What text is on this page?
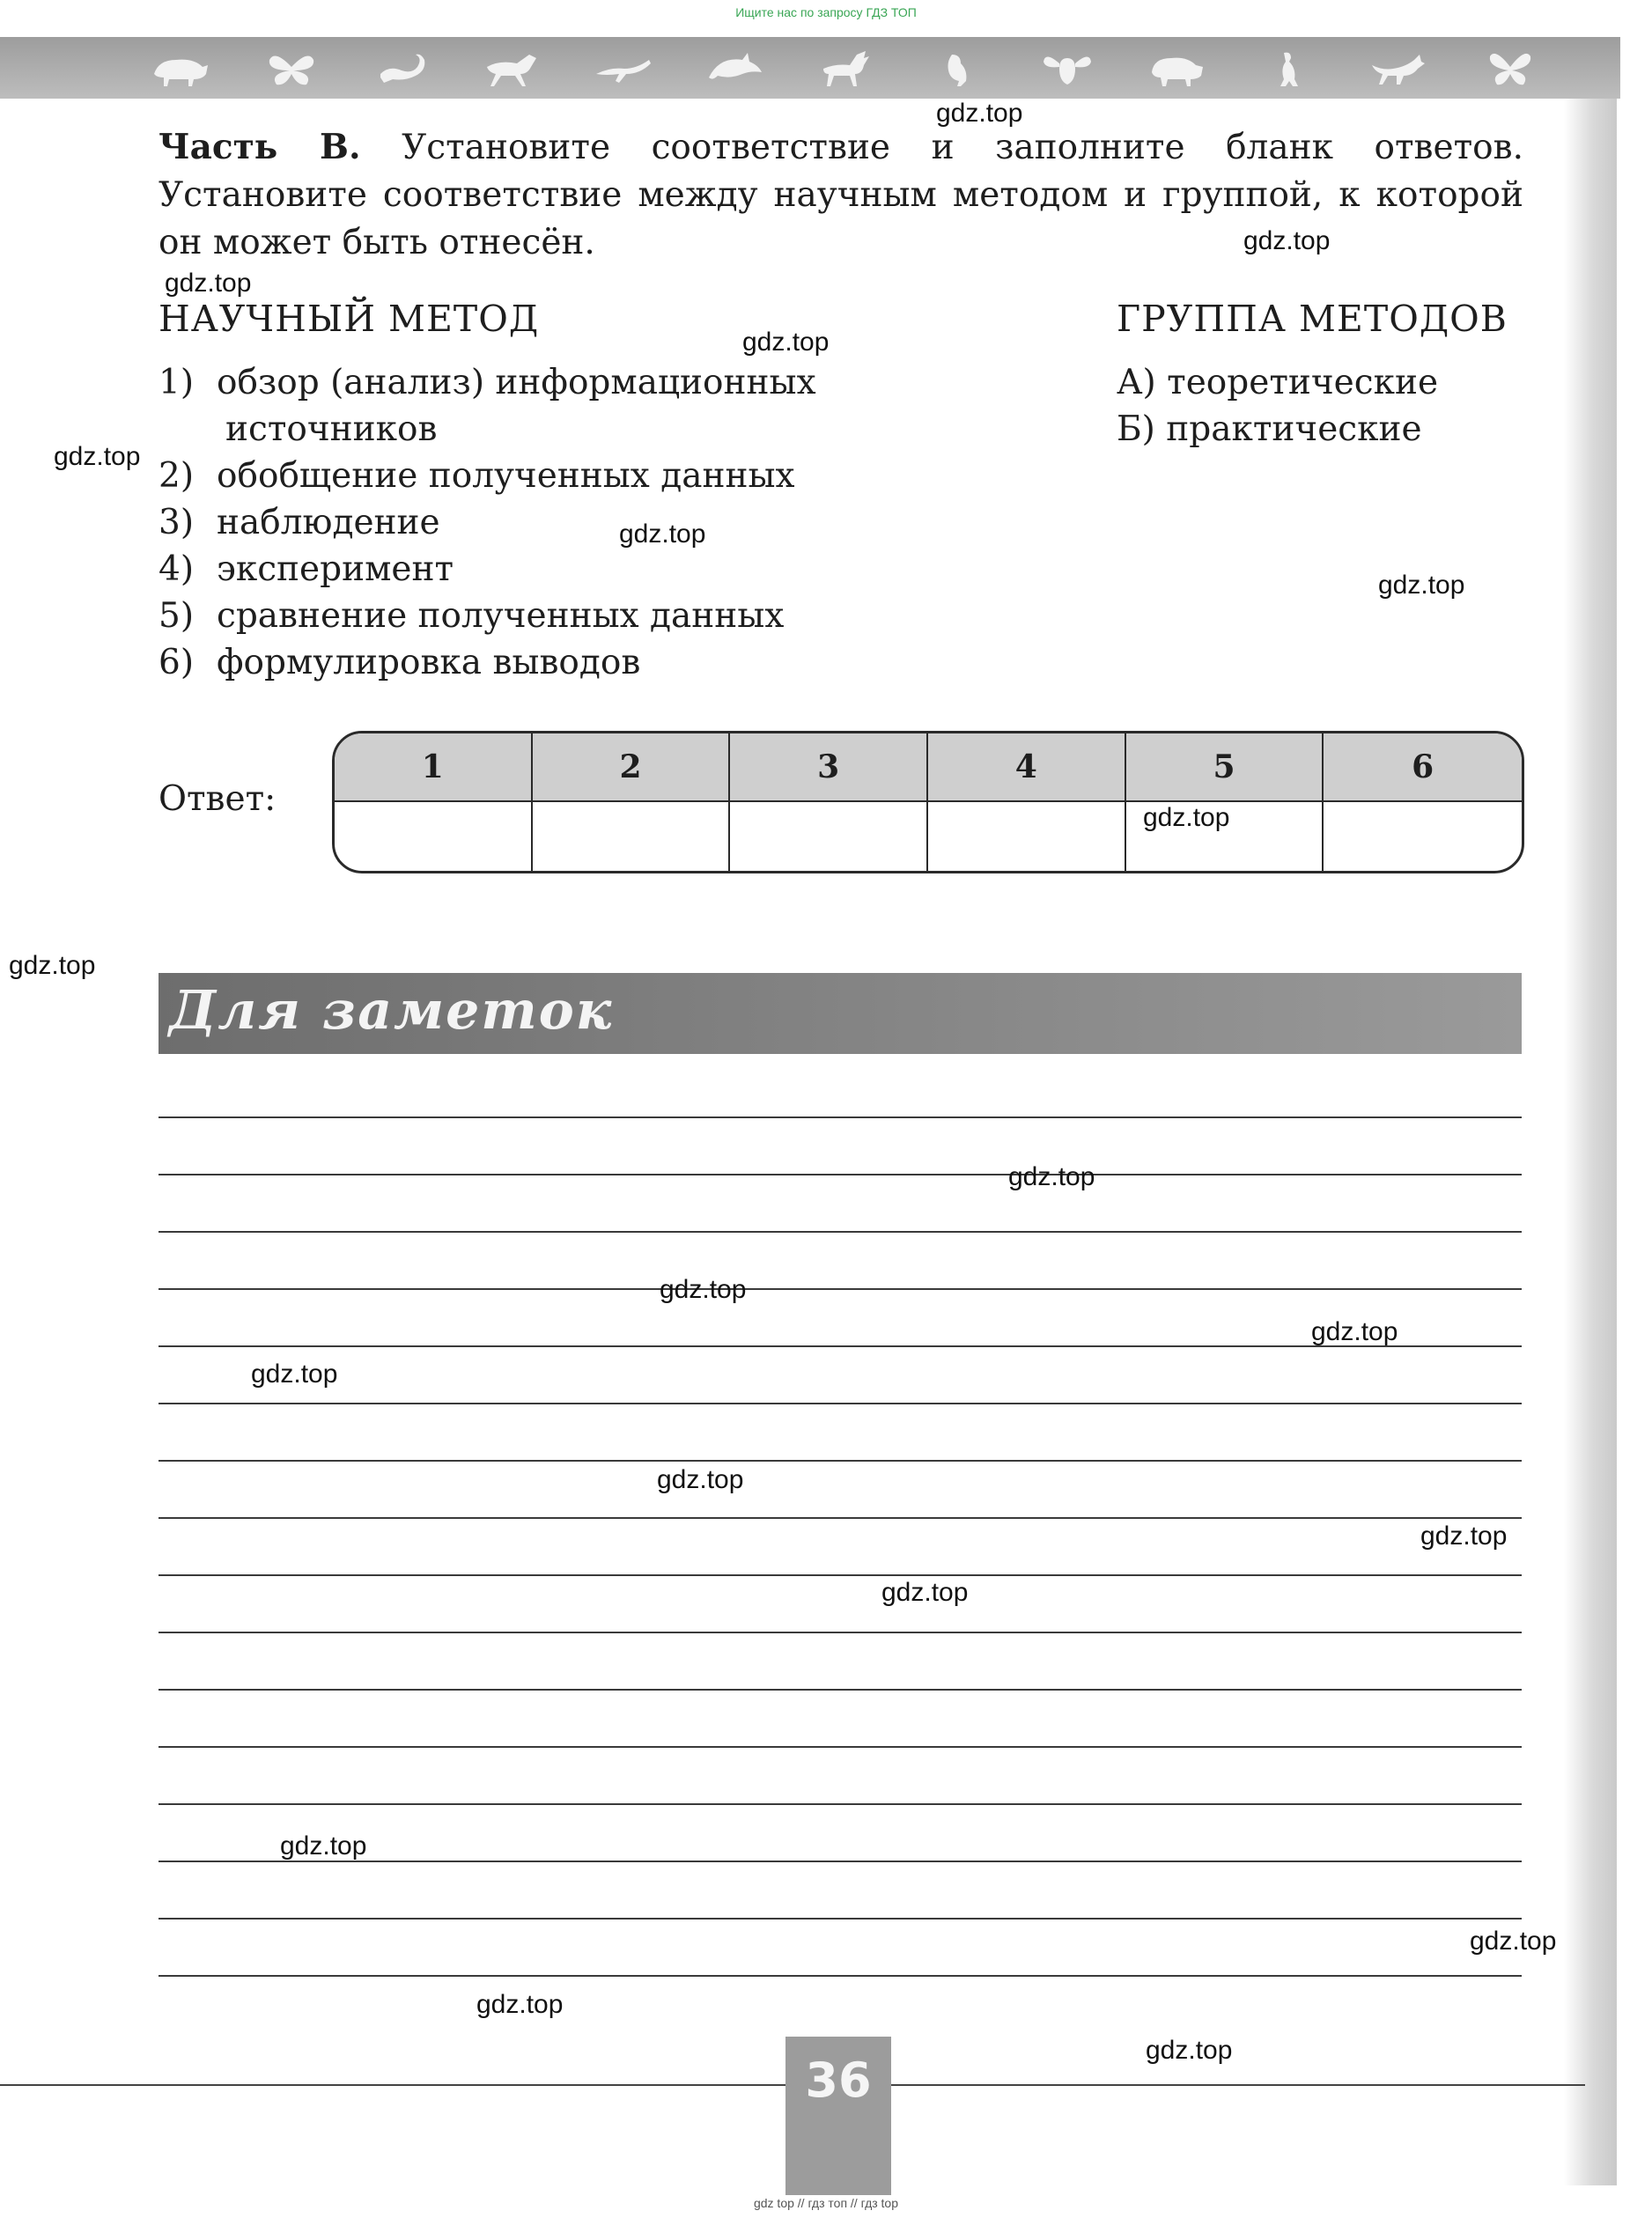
Ищите нас по запросу ГДЗ ТОП
Часть В. Установите соответствие и заполните бланк ответов. Установите соответствие между научным методом и группой, к которой он может быть отнесён.
НАУЧНЫЙ МЕТОД	ГРУППА МЕТОДОВ
1) обзор (анализ) информационных
источников
2) обобщение полученных данных
3) наблюдение
4) эксперимент
5) сравнение полученных данных
6) формулировка выводов
А) теоретические
Б) практические
Ответ:
1	2	3	4	5	6
Для заметок
36
gdz.top
gdz.top
gdz.top
gdz.top
gdz.top
gdz.top
gdz.top
gdz.top
gdz.top
gdz.top
gdz.top
gdz.top
gdz.top
gdz.top
gdz.top
gdz.top
gdz.top
gdz.top
gdz.top
gdz.top
gdz top // гдз топ // гдз top
